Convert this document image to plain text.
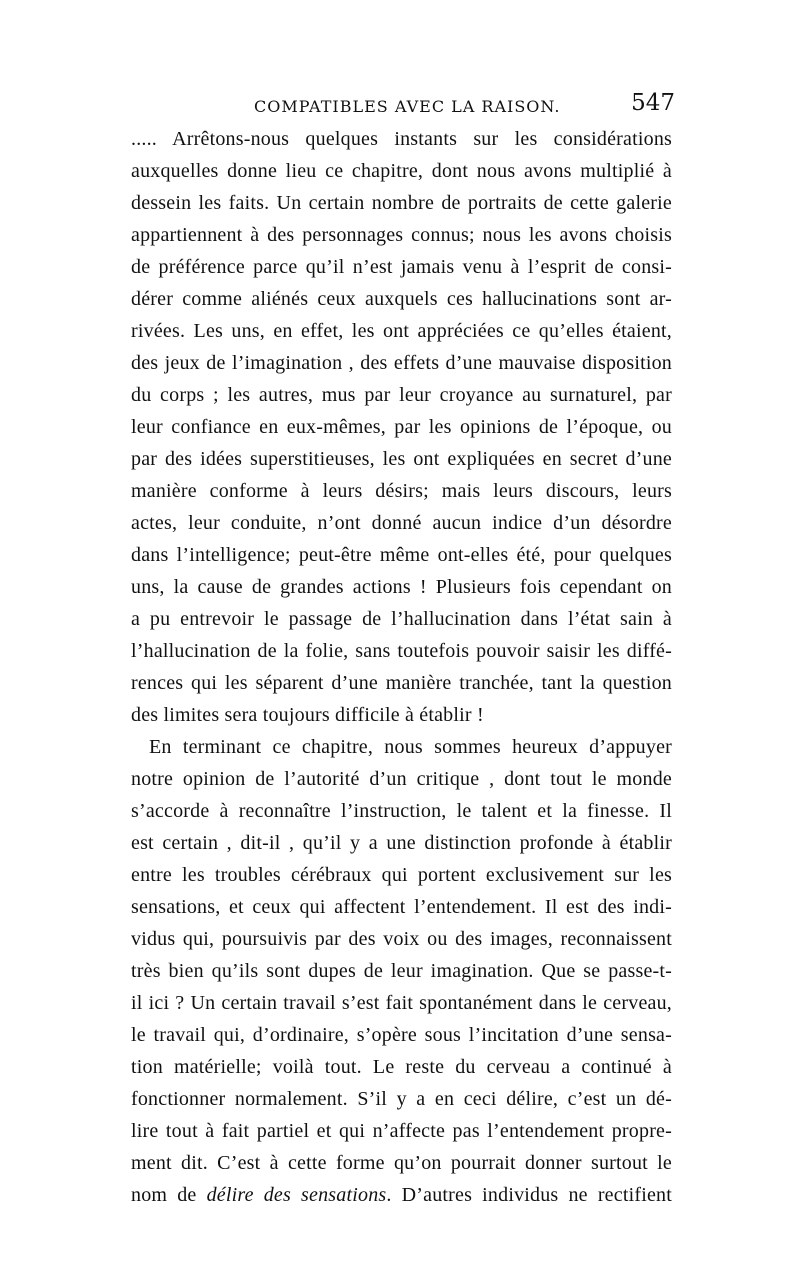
COMPATIBLES AVEC LA RAISON.	547
..... Arrêtons-nous quelques instants sur les considérations
auxquelles donne lieu ce chapitre, dont nous avons multiplié à
dessein les faits. Un certain nombre de portraits de cette galerie
appartiennent à des personnages connus; nous les avons choisis
de préférence parce qu’il n’est jamais venu à l’esprit de consi-
dérer comme aliénés ceux auxquels ces hallucinations sont ar-
rivées. Les uns, en effet, les ont appréciées ce qu’elles étaient,
des jeux de l’imagination , des effets d’une mauvaise disposition
du corps ; les autres, mus par leur croyance au surnaturel, par
leur confiance en eux-mêmes, par les opinions de l’époque, ou
par des idées superstitieuses, les ont expliquées en secret d’une
manière conforme à leurs désirs; mais leurs discours, leurs
actes, leur conduite, n’ont donné aucun indice d’un désordre
dans l’intelligence; peut-être même ont-elles été, pour quelques
uns, la cause de grandes actions ! Plusieurs fois cependant on
a pu entrevoir le passage de l’hallucination dans l’état sain à
l’hallucination de la folie, sans toutefois pouvoir saisir les diffé-
rences qui les séparent d’une manière tranchée, tant la question
des limites sera toujours difficile à établir !
En terminant ce chapitre, nous sommes heureux d’appuyer
notre opinion de l’autorité d’un critique , dont tout le monde
s’accorde à reconnaître l’instruction, le talent et la finesse. Il
est certain , dit-il , qu’il y a une distinction profonde à établir
entre les troubles cérébraux qui portent exclusivement sur les
sensations, et ceux qui affectent l’entendement. Il est des indi-
vidus qui, poursuivis par des voix ou des images, reconnaissent
très bien qu’ils sont dupes de leur imagination. Que se passe-t-
il ici ? Un certain travail s’est fait spontanément dans le cerveau,
le travail qui, d’ordinaire, s’opère sous l’incitation d’une sensa-
tion matérielle; voilà tout. Le reste du cerveau a continué à
fonctionner normalement. S’il y a en ceci délire, c’est un dé-
lire tout à fait partiel et qui n’affecte pas l’entendement propre-
ment dit. C’est à cette forme qu’on pourrait donner surtout le
nom de délire des sensations. D’autres individus ne rectifient
